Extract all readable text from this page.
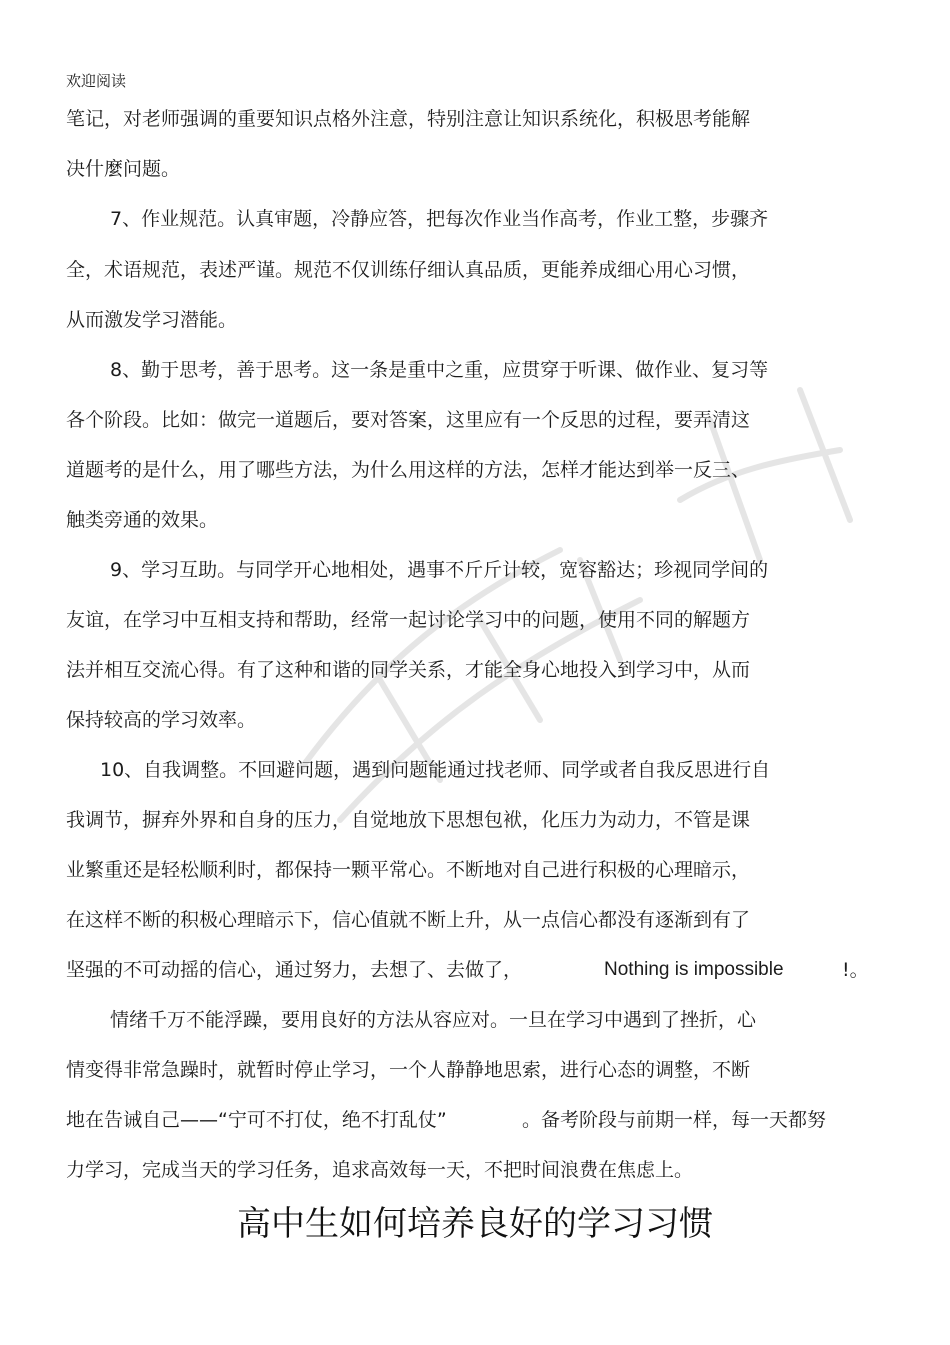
欢迎阅读
笔记，对老师强调的重要知识点格外注意，特别注意让知识系统化，积极思考能解
决什麼问题。
7、作业规范。认真审题，冷静应答，把每次作业当作高考，作业工整，步骤齐
全，术语规范，表述严谨。规范不仅训练仔细认真品质，更能养成细心用心习惯，
从而激发学习潜能。
8、勤于思考，善于思考。这一条是重中之重，应贯穿于听课、做作业、复习等
各个阶段。比如：做完一道题后，要对答案，这里应有一个反思的过程，要弄清这
道题考的是什么，用了哪些方法，为什么用这样的方法，怎样才能达到举一反三、
触类旁通的效果。
9、学习互助。与同学开心地相处，遇事不斤斤计较，宽容豁达；珍视同学间的
友谊，在学习中互相支持和帮助，经常一起讨论学习中的问题，使用不同的解题方
法并相互交流心得。有了这种和谐的同学关系，才能全身心地投入到学习中，从而
保持较高的学习效率。
10、自我调整。不回避问题，遇到问题能通过找老师、同学或者自我反思进行自
我调节，摒弃外界和自身的压力，自觉地放下思想包袱，化压力为动力，不管是课
业繁重还是轻松顺利时，都保持一颗平常心。不断地对自己进行积极的心理暗示，
在这样不断的积极心理暗示下，信心值就不断上升，从一点信心都没有逐渐到有了
坚强的不可动摇的信心，通过努力，去想了、去做了，	Nothing is impossible	!。
情绪千万不能浮躁，要用良好的方法从容应对。一旦在学习中遇到了挫折，心
情变得非常急躁时，就暂时停止学习，一个人静静地思索，进行心态的调整，不断
地在告诫自己——“宁可不打仗，绝不打乱仗”	。备考阶段与前期一样，每一天都努
力学习，完成当天的学习任务，追求高效每一天，不把时间浪费在焦虑上。
高中生如何培养良好的学习习惯
